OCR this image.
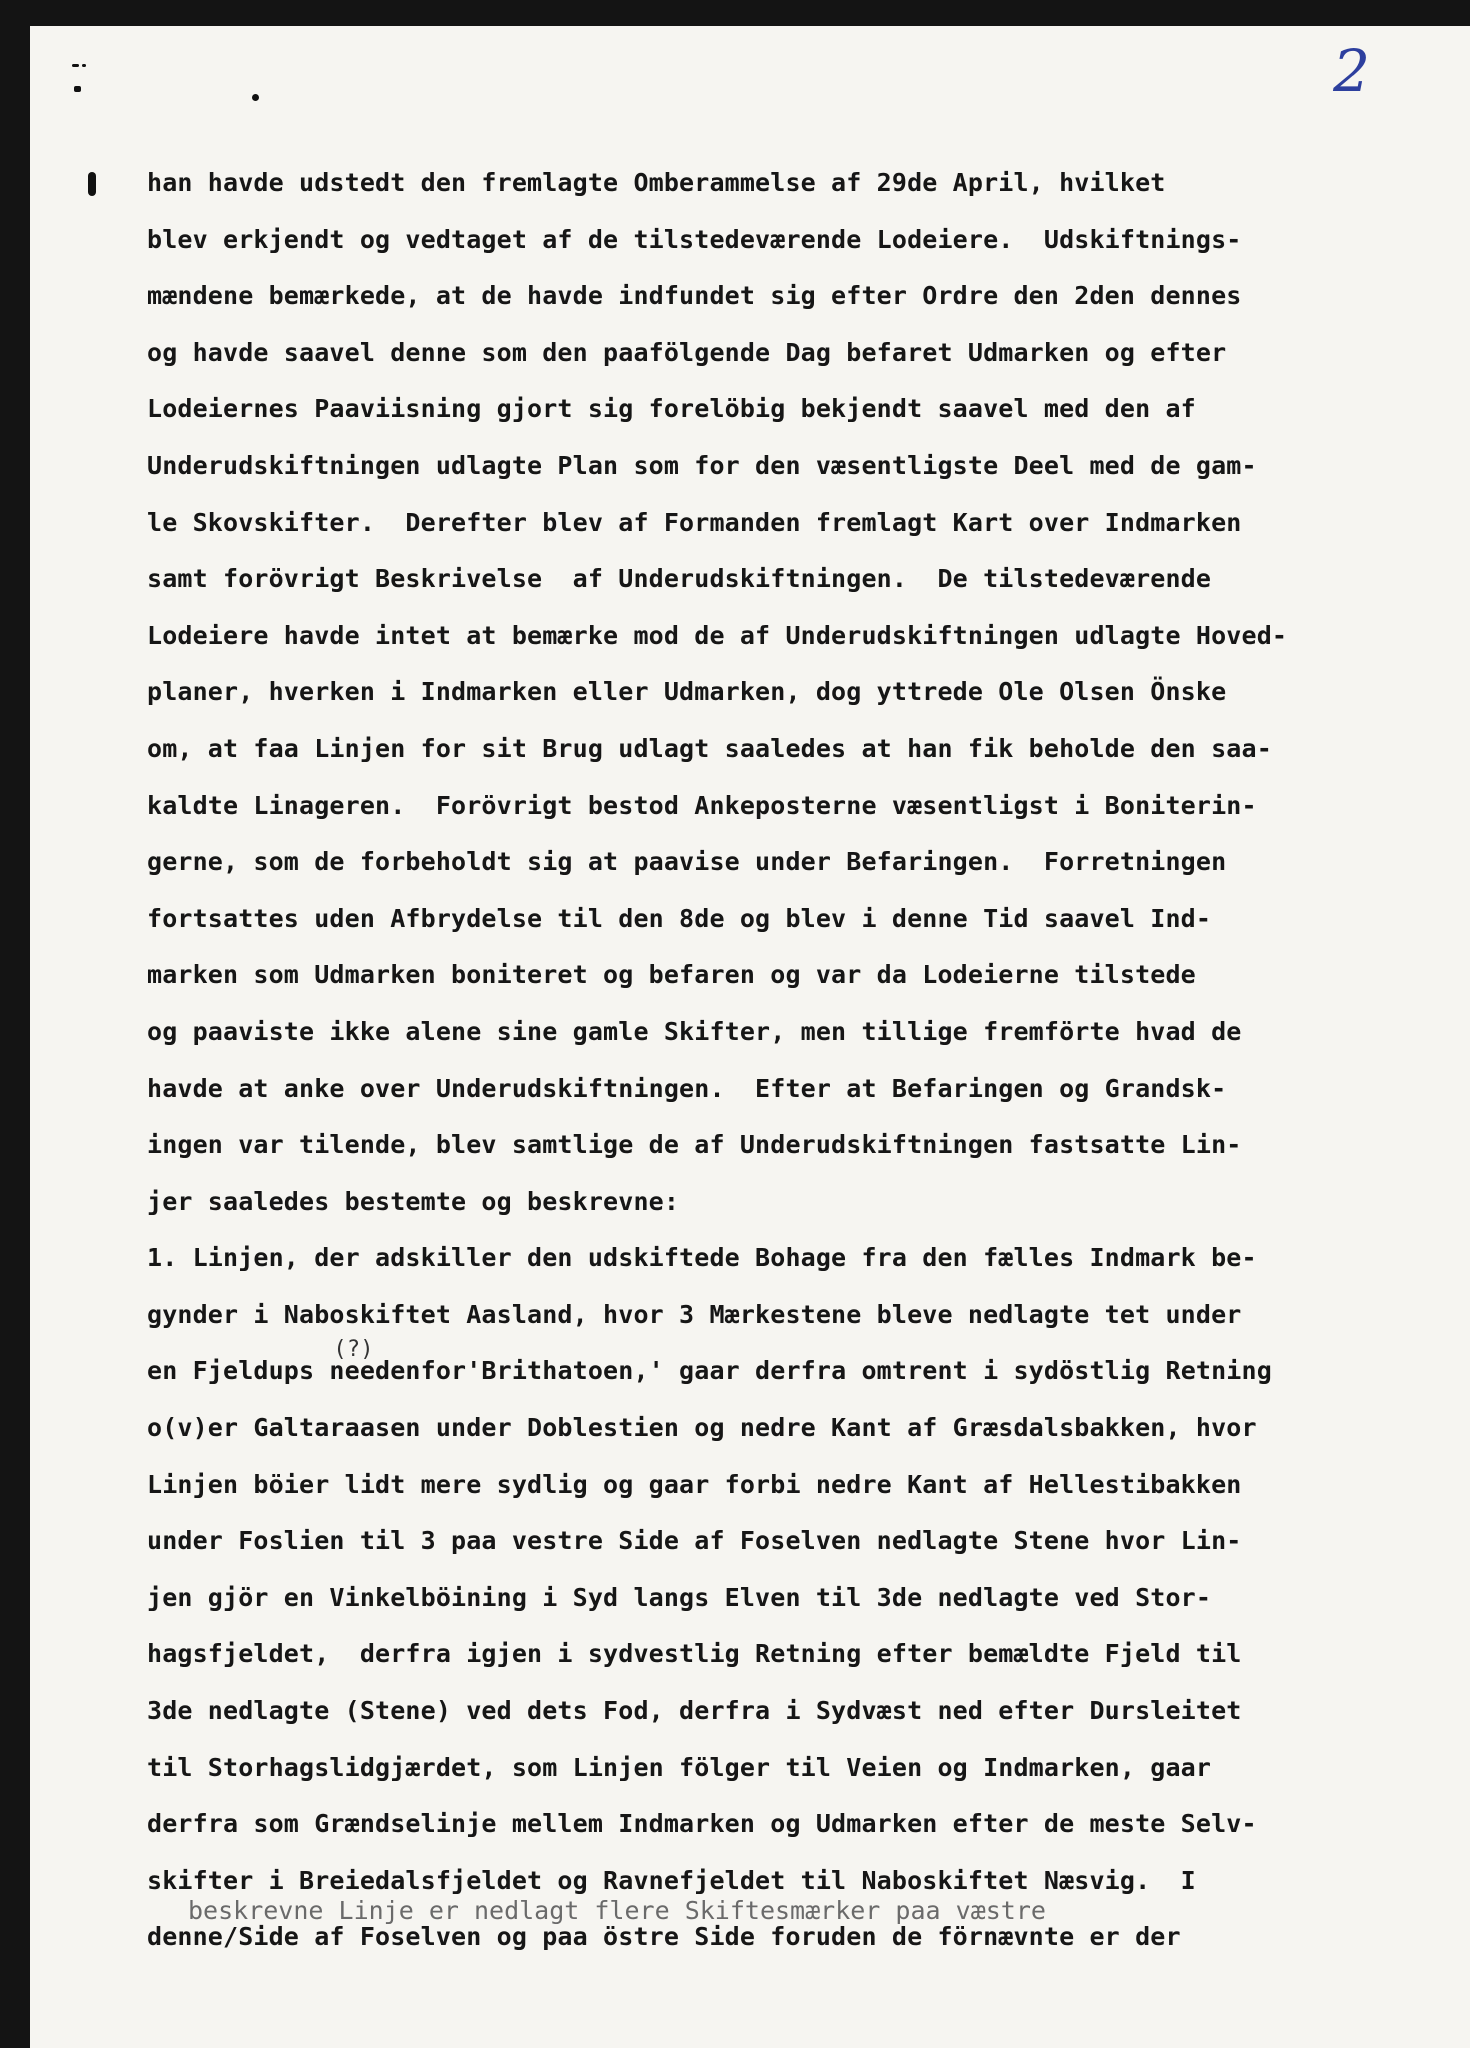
2
han havde udstedt den fremlagte Omberammelse af 29de April, hvilket
blev erkjendt og vedtaget af de tilstedeværende Lodeiere.  Udskiftnings-
mændene bemærkede, at de havde indfundet sig efter Ordre den 2den dennes
og havde saavel denne som den paafölgende Dag befaret Udmarken og efter
Lodeiernes Paaviisning gjort sig forelöbig bekjendt saavel med den af
Underudskiftningen udlagte Plan som for den væsentligste Deel med de gam-
le Skovskifter.  Derefter blev af Formanden fremlagt Kart over Indmarken
samt forövrigt Beskrivelse  af Underudskiftningen.  De tilstedeværende
Lodeiere havde intet at bemærke mod de af Underudskiftningen udlagte Hoved-
planer, hverken i Indmarken eller Udmarken, dog yttrede Ole Olsen Önske
om, at faa Linjen for sit Brug udlagt saaledes at han fik beholde den saa-
kaldte Linageren.  Forövrigt bestod Ankeposterne væsentligst i Boniterin-
gerne, som de forbeholdt sig at paavise under Befaringen.  Forretningen
fortsattes uden Afbrydelse til den 8de og blev i denne Tid saavel Ind-
marken som Udmarken boniteret og befaren og var da Lodeierne tilstede
og paaviste ikke alene sine gamle Skifter, men tillige fremförte hvad de
havde at anke over Underudskiftningen.  Efter at Befaringen og Grandsk-
ingen var tilende, blev samtlige de af Underudskiftningen fastsatte Lin-
jer saaledes bestemte og beskrevne:
1. Linjen, der adskiller den udskiftede Bohage fra den fælles Indmark be-
gynder i Naboskiftet Aasland, hvor 3 Mærkestene bleve nedlagte tet under
en Fjeldups
(?)
needenfor'Brithatoen,' gaar derfra omtrent i sydöstlig Retning
o(v)er Galtaraasen under Doblestien og nedre Kant af Græsdalsbakken, hvor
Linjen böier lidt mere sydlig og gaar forbi nedre Kant af Hellestibakken
under Foslien til 3 paa vestre Side af Foselven nedlagte Stene hvor Lin-
jen gjör en Vinkelböining i Syd langs Elven til 3de nedlagte ved Stor-
hagsfjeldet,  derfra igjen i sydvestlig Retning efter bemældte Fjeld til
3de nedlagte (Stene) ved dets Fod, derfra i Sydvæst ned efter Dursleitet
til Storhagslidgjærdet, som Linjen fölger til Veien og Indmarken, gaar
derfra som Grændselinje mellem Indmarken og Udmarken efter de meste Selv-
skifter i Breiedalsfjeldet og Ravnefjeldet til Naboskiftet Næsvig.  I
denne/Side af Foselven og paa östre Side foruden de förnævnte er der
beskrevne Linje er nedlagt flere Skiftesmærker paa væstre
